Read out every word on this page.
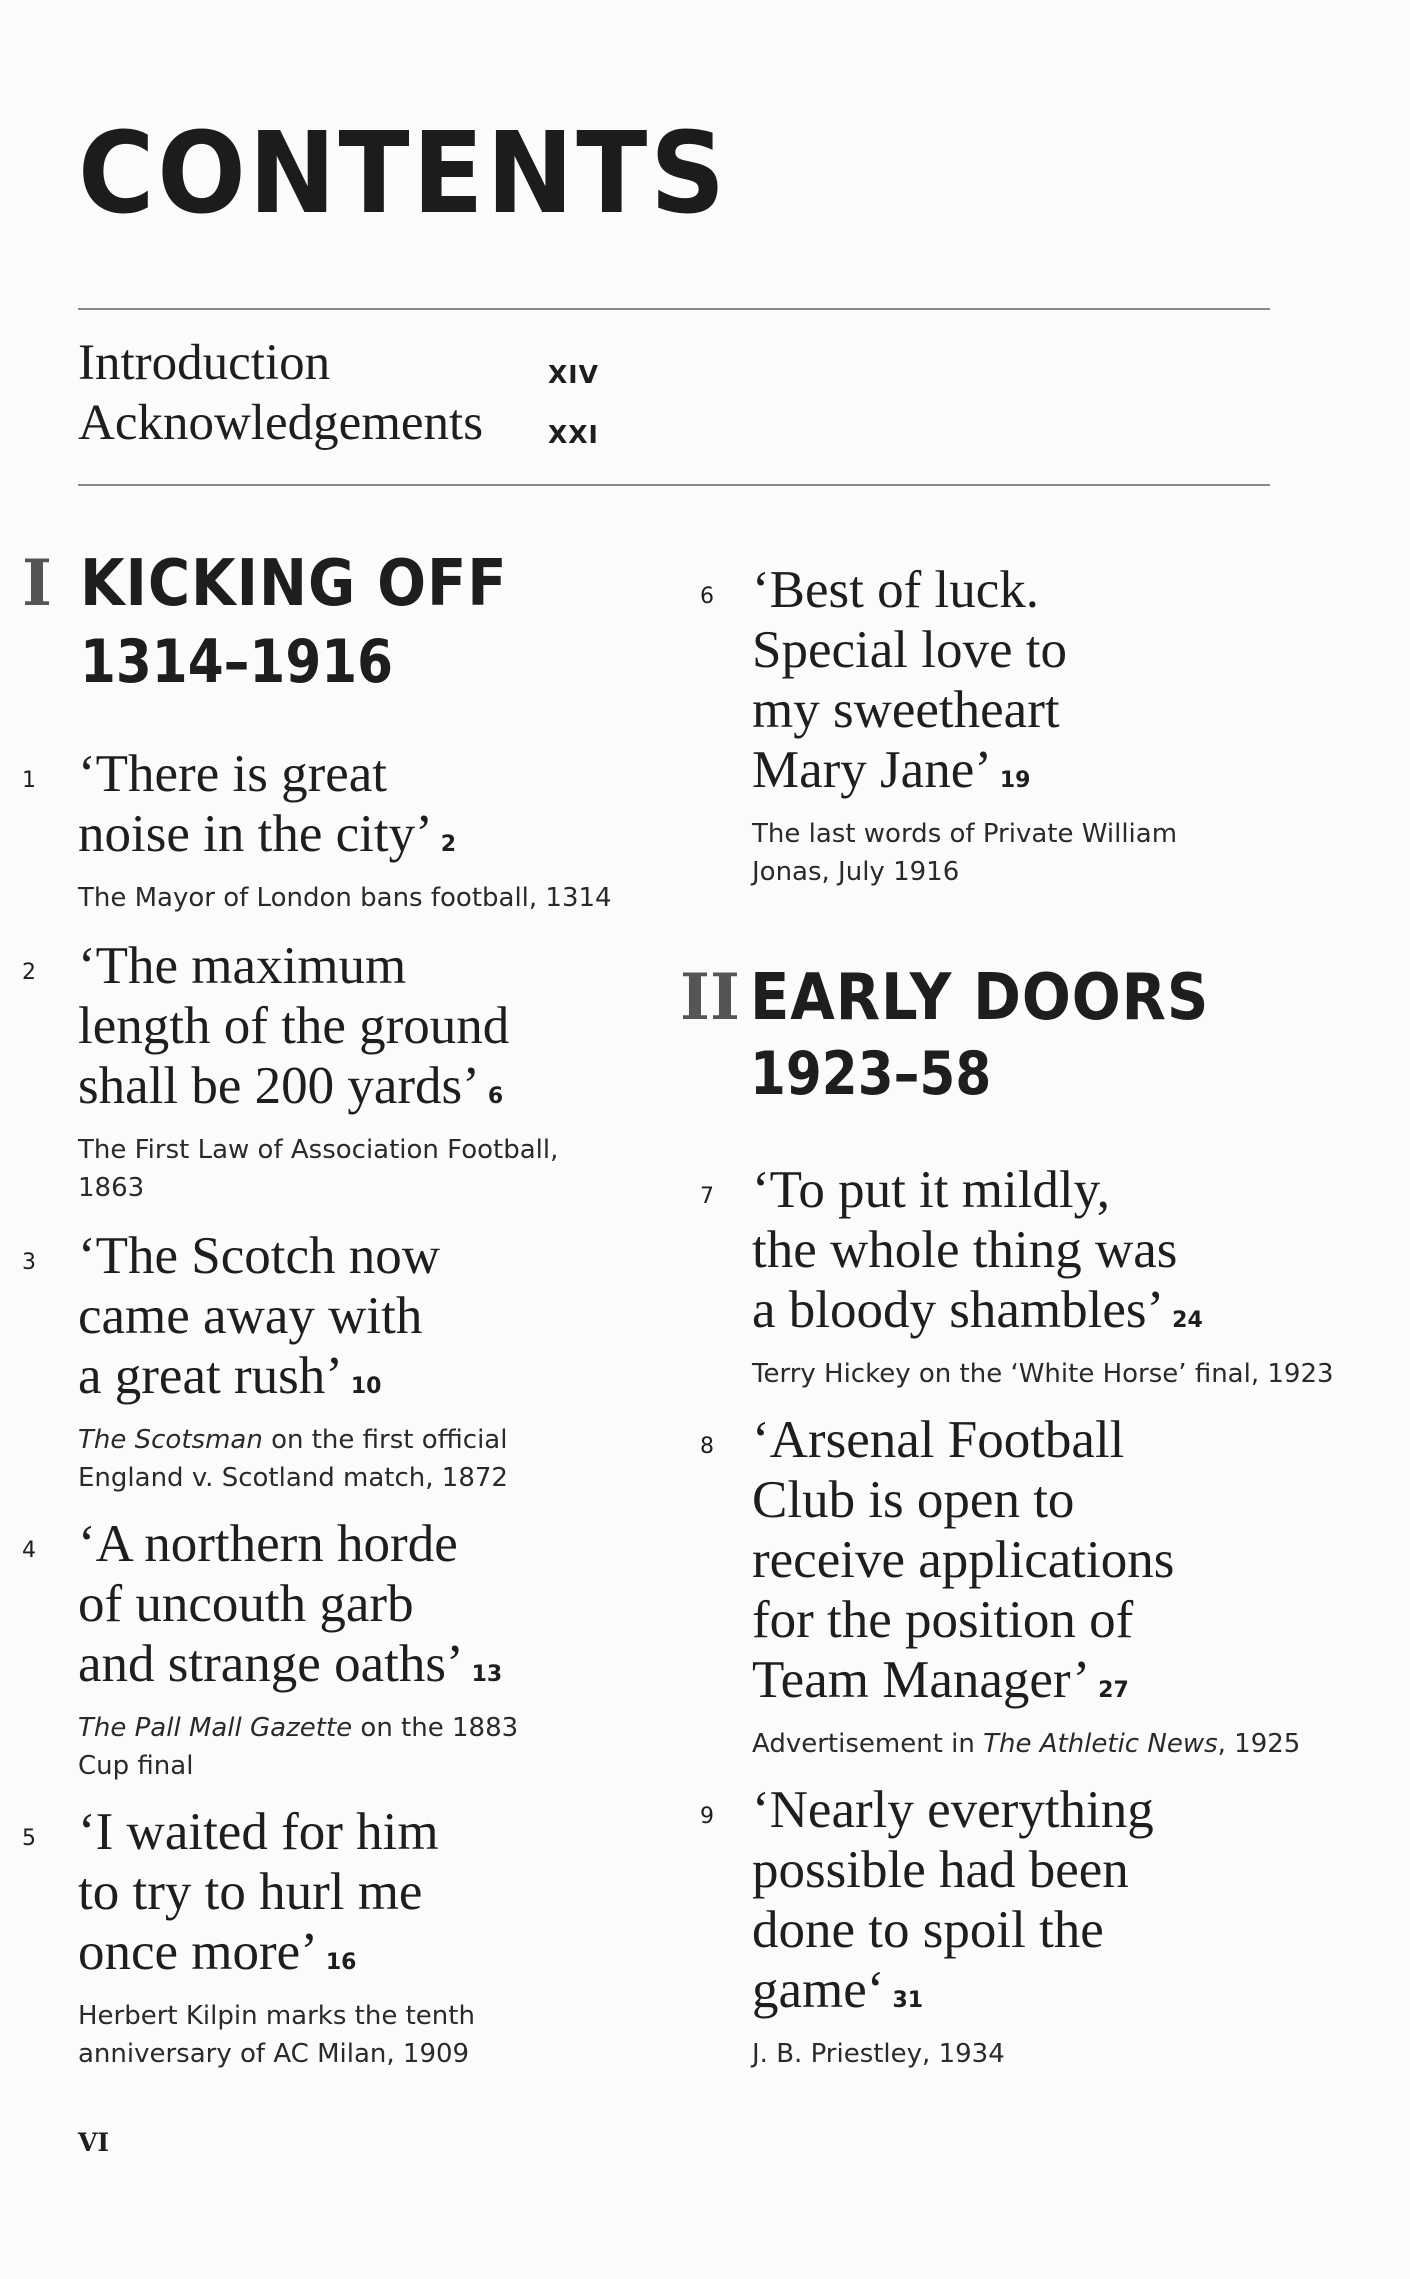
CONTENTS
Introduction	XIV
Acknowledgements	XXI
I KICKING OFF
1314–1916
II EARLY DOORS
1923–58
1 ‘There is great
noise in the city’ 2
The Mayor of London bans football, 1314
2 ‘The maximum
length of the ground
shall be 200 yards’ 6
The First Law of Association Football,
1863
3 ‘The Scotch now
came away with
a great rush’ 10
The Scotsman on the first official
England v. Scotland match, 1872
4 ‘A northern horde
of uncouth garb
and strange oaths’ 13
The Pall Mall Gazette on the 1883
Cup final
5 ‘I waited for him
to try to hurl me
once more’ 16
Herbert Kilpin marks the tenth
anniversary of AC Milan, 1909
6 ‘Best of luck.
Special love to
my sweetheart
Mary Jane’ 19
The last words of Private William
Jonas, July 1916
7 ‘To put it mildly,
the whole thing was
a bloody shambles’ 24
Terry Hickey on the ‘White Horse’ final, 1923
8 ‘Arsenal Football
Club is open to
receive applications
for the position of
Team Manager’ 27
Advertisement in The Athletic News, 1925
9 ‘Nearly everything
possible had been
done to spoil the
game‘ 31
J. B. Priestley, 1934
VI
